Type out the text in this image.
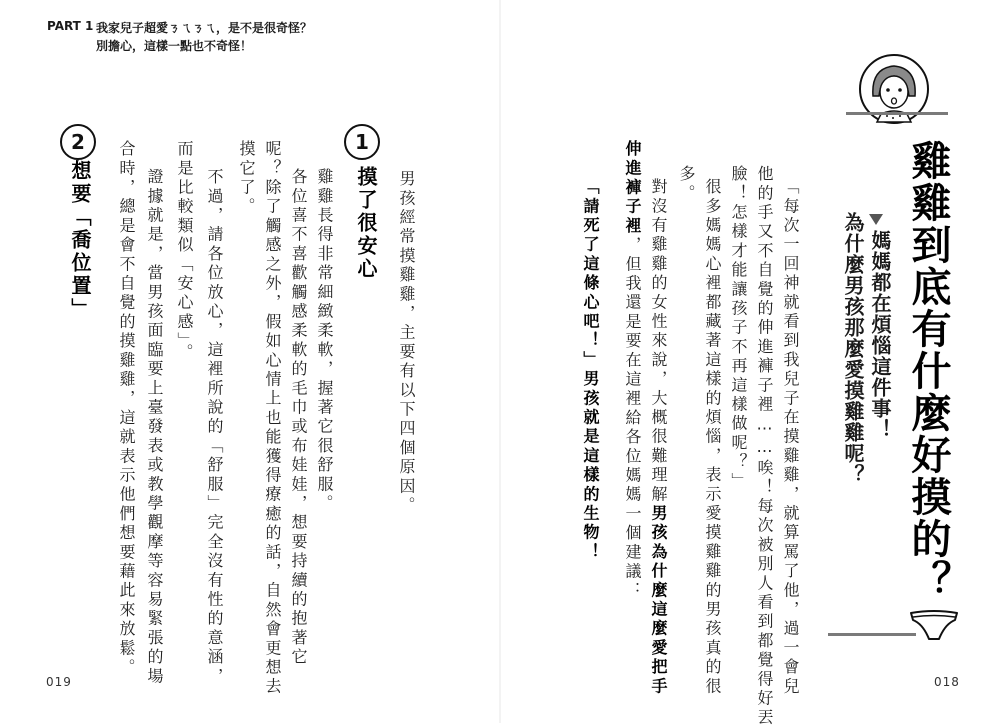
PART 1 我家兒子超愛ㄋㄟㄋㄟ，是不是很奇怪？
別擔心，這樣一點也不奇怪！
雞雞到底有什麼好摸的？
媽媽都在煩惱這件事！
為什麼男孩那麼愛摸雞雞呢？
「每次一回神就看到我兒子在摸雞雞，就算罵了他，過一會兒
他的手又不自覺的伸進褲子裡……唉！每次被別人看到都覺得好丟
臉！怎樣才能讓孩子不再這樣做呢？」
很多媽媽心裡都藏著這樣的煩惱，表示愛摸雞雞的男孩真的很
多。
對沒有雞雞的女性來說，大概很難理解男孩為什麼這麼愛把手
伸進褲子裡，但我還是要在這裡給各位媽媽一個建議：
「請死了這條心吧！」男孩就是這樣的生物！
018
男孩經常摸雞雞，主要有以下四個原因。
1
摸了很安心
雞雞長得非常細緻柔軟，握著它很舒服。
各位喜不喜歡觸感柔軟的毛巾或布娃娃，想要持續的抱著它
呢？除了觸感之外，假如心情上也能獲得療癒的話，自然會更想去
摸它了。
不過，請各位放心，這裡所說的「舒服」完全沒有性的意涵，
而是比較類似「安心感」。
證據就是，當男孩面臨要上臺發表或教學觀摩等容易緊張的場
合時，總是會不自覺的摸雞雞，這就表示他們想要藉此來放鬆。
2
想要「喬位置」
019
